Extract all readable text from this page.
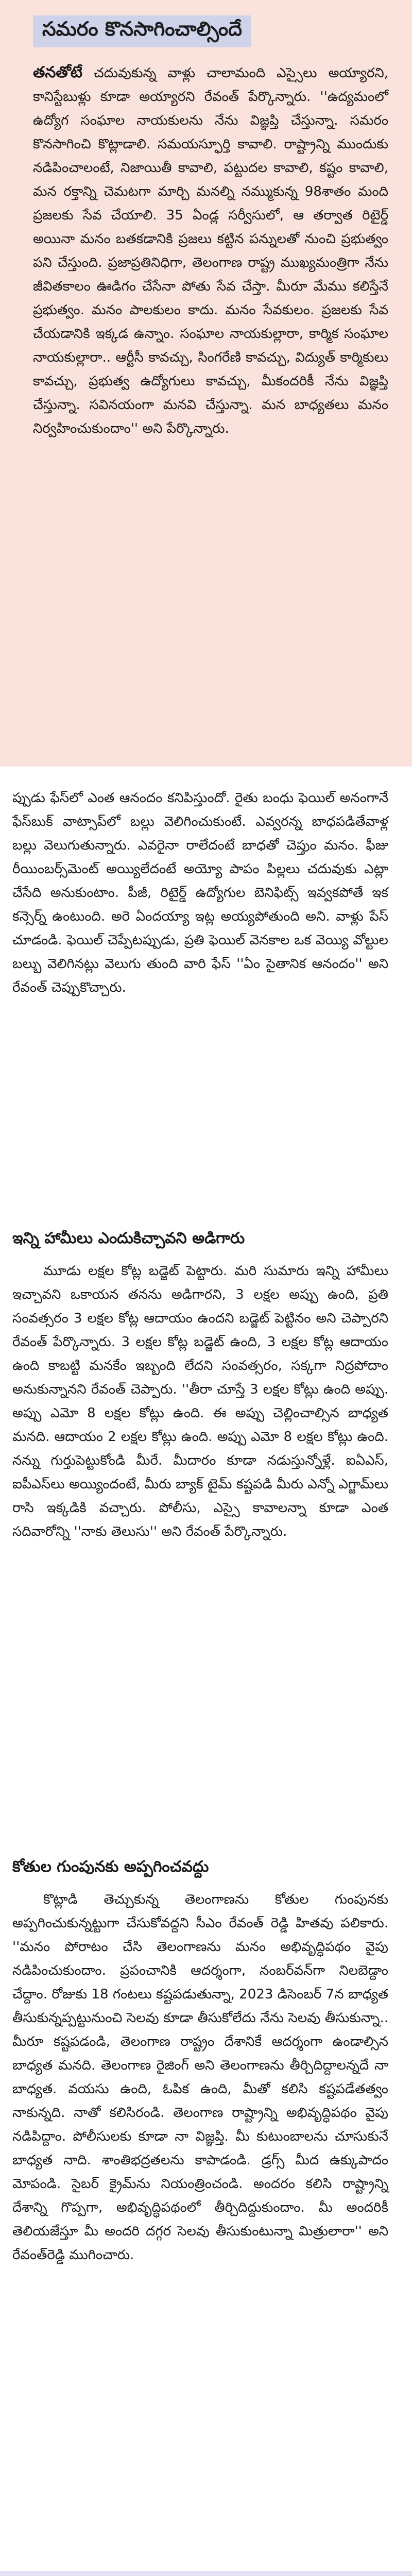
సమరం కొనసాగించాల్సిందే

తనతోటే చదువుకున్న వాళ్లు చాలామంది ఎస్సైలు అయ్యారని, కానిస్టేబుళ్లు కూడా అయ్యారని రేవంత్ పేర్కొన్నారు. ''ఉద్యమంలో ఉద్యోగ సంఘాల నాయకులను నేను విజ్ఞప్తి చేస్తున్నా. సమరం కొనసాగించి కొట్లాడాలి. సమయస్ఫూర్తి కావాలి. రాష్ట్రాన్ని ముందుకు నడిపించాలంటే, నిజాయితీ కావాలి, పట్టుదల కావాలి, కష్టం కావాలి, మన ర‌క్తాన్ని చెమటగా మార్చి మనల్ని నమ్ముకున్న 98శాతం మంది ప్రజలకు సేవ చేయాలి. 35 ఏండ్ల సర్వీసులో, ఆ తర్వాత రిటైర్డ్ అయినా మనం బతకడానికి ప్రజలు కట్టిన పన్నులతో నుంచి ప్రభుత్వం పని చేస్తుంది. ప్రజాప్రతినిధిగా, తెలంగాణ రాష్ట్ర ముఖ్యమంత్రిగా నేను జీవితకాలం ఊడిగం చేసేనా పోతు సేవ చేస్తా. మీరూ మేము కలిస్తేనే ప్రభుత్వం. మనం పాలకులం కాదు. మనం సేవకులం. ప్రజలకు సేవ చేయడానికి ఇక్కడ ఉన్నాం. సంఘాల నాయకుల్లారా, కార్మిక సంఘాల నాయకుల్లారా.. ఆర్టీసీ కావచ్చు, సింగరేణి కావచ్చు, విద్యుత్ కార్మికులు కావచ్చు, ప్రభుత్వ ఉద్యోగులు కావచ్చు, మీకందరికీ నేను విజ్ఞప్తి చేస్తున్నా. సవినయంగా మనవి చేస్తున్నా. మన బాధ్యతలు మనం నిర్వహించుకుందాం'' అని పేర్కొన్నారు.

ప్పుడు ఫేస్‌లో ఎంత ఆనందం కనిపిస్తుందో. రైతు బంధు ఫెయిల్ అనంగానే ఫేస్‌బుక్ వాట్సాప్‌లో బల్లు వెలిగించుకుంటే. ఎవ్వరన్న బాధపడితేవాళ్ల బల్లు వెలుగుతున్నారు. ఎవరైనా రాలేదంటే బాధతో చెప్తుం మనం. ఫీజు రీయింబర్స్‌మెంట్ అయ్యిలేదంటే అయ్యో పాపం పిల్లలు చదువుకు ఎట్లా చేసేది అనుకుంటాం. పీజీ, రిటైర్డ్ ఉద్యోగుల బెనిఫిట్స్ ఇవ్వకపోతే ఇక కన్సెర్న్ ఉంటుంది. అరె ఏందయ్యా ఇట్ల అయ్యపోతుంది అని. వాళ్లు పేస్ చూడండి. ఫెయిల్ చెప్పేటప్పుడు, ప్రతి ఫెయిల్ వెనకాల ఒక వెయ్యి వోల్టుల బల్బు వెలిగినట్లు వెలుగు తుంది వారి ఫేస్ ''ఏం సైతానిక ఆనందం'' అని రేవంత్ చెప్పుకొచ్చారు.

ఇన్ని హామీలు ఎందుకిచ్చావని అడిగారు

మూడు లక్షల కోట్ల బడ్జెట్ పెట్టారు. మరి సుమారు ఇన్ని హామీలు ఇచ్చావని ఒకాయన తనను అడిగారని, 3 లక్షల అప్పు ఉంది, ప్రతి సంవత్సరం 3 లక్షల కోట్ల ఆదాయం ఉందని బడ్జెట్ పెట్టినం అని చెప్పారని రేవంత్ పేర్కొన్నారు. 3 లక్షల కోట్ల బడ్జెట్ ఉంది, 3 లక్షల కోట్ల ఆదాయం ఉంది కాబట్టి మనకేం ఇబ్బంది లేదని సంవత్సరం, సక్కగా నిద్రపోదాం అనుకున్నానని రేవంత్ చెప్పారు. ''తీరా చూస్తే 3 లక్షల కోట్లు ఉంది అప్పు. అప్పు ఎమో 8 లక్షల కోట్లు ఉంది. ఈ అప్పు చెల్లించాల్సిన బాధ్యత మనది. ఆదాయం 2 లక్షల కోట్లు ఉంది. అప్పు ఎమో 8 లక్షల కోట్లు ఉంది. నన్ను గుర్తుపెట్టుకోండి మీరే. మీదారం కూడా నడుస్తున్నోళ్లే. ఐఏఎస్, ఐపీఎస్‌లు అయ్యిందంటే, మీరు బ్యాక్ టైమ్ కష్టపడి మీరు ఎన్నో ఎగ్జామ్‌లు రాసి ఇక్కడికి వచ్చారు. పోలీసు, ఎస్సై కావాలన్నా కూడా ఎంత సదివారోన్ని ''నాకు తెలుసు'' అని రేవంత్ పేర్కొన్నారు.

కోతుల గుంపునకు అప్పగించవద్దు

కొట్లాడి తెచ్చుకున్న తెలంగాణను కోతుల గుంపునకు అప్పగించుకున్నట్టుగా చేసుకోవద్దని సీఎం రేవంత్ రెడ్డి హితవు పలికారు. ''మనం పోరాటం చేసి తెలంగాణను మనం అభివృద్ధిపథం వైపు నడిపించుకుందాం. ప్రపంచానికి ఆదర్శంగా, నంబర్‌వన్‌గా నిలబెడ్దాం చేద్దాం. రోజుకు 18 గంటలు కష్టపడుతున్నా, 2023 డిసెంబర్ 7న బాధ్యత తీసుకున్నప్పట్టునుంచి సెలవు కూడా తీసుకోలేదు నేను సెలవు తీసుకున్నా.. మీరూ కష్టపడండి, తెలంగాణ రాష్ట్రం దేశానికే ఆదర్శంగా ఉండాల్సిన బాధ్యత మనది. తెలంగాణ రైజింగ్ అని తెలంగాణను తీర్చిదిద్దాలన్నదే నా బాధ్యత. వయసు ఉంది, ఓపిక ఉంది, మీతో కలిసి కష్టపడేతత్వం నాకున్నది. నాతో కలిసిరండి. తెలంగాణ రాష్ట్రాన్ని అభివృద్ధిపథం వైపు నడిపిద్దాం. పోలీసులకు కూడా నా విజ్ఞప్తి. మీ కుటుంబాలను చూసుకునే బాధ్యత నాది. శాంతిభద్రతలను కాపాడండి. డ్రగ్స్ మీద ఉక్కుపాదం మోపండి. సైబర్ క్రైమ్‌ను నియంత్రించండి. అందరం కలిసి రాష్ట్రాన్ని దేశాన్ని గొప్పగా, అభివృద్ధిపథంలో తీర్చిదిద్దుకుందాం. మీ అందరికీ తెలియజేస్తూ మీ అందరి దగ్గర సెలవు తీసుకుంటున్నా మిత్రులారా'' అని రేవంత్‌రెడ్డి ముగించారు.
